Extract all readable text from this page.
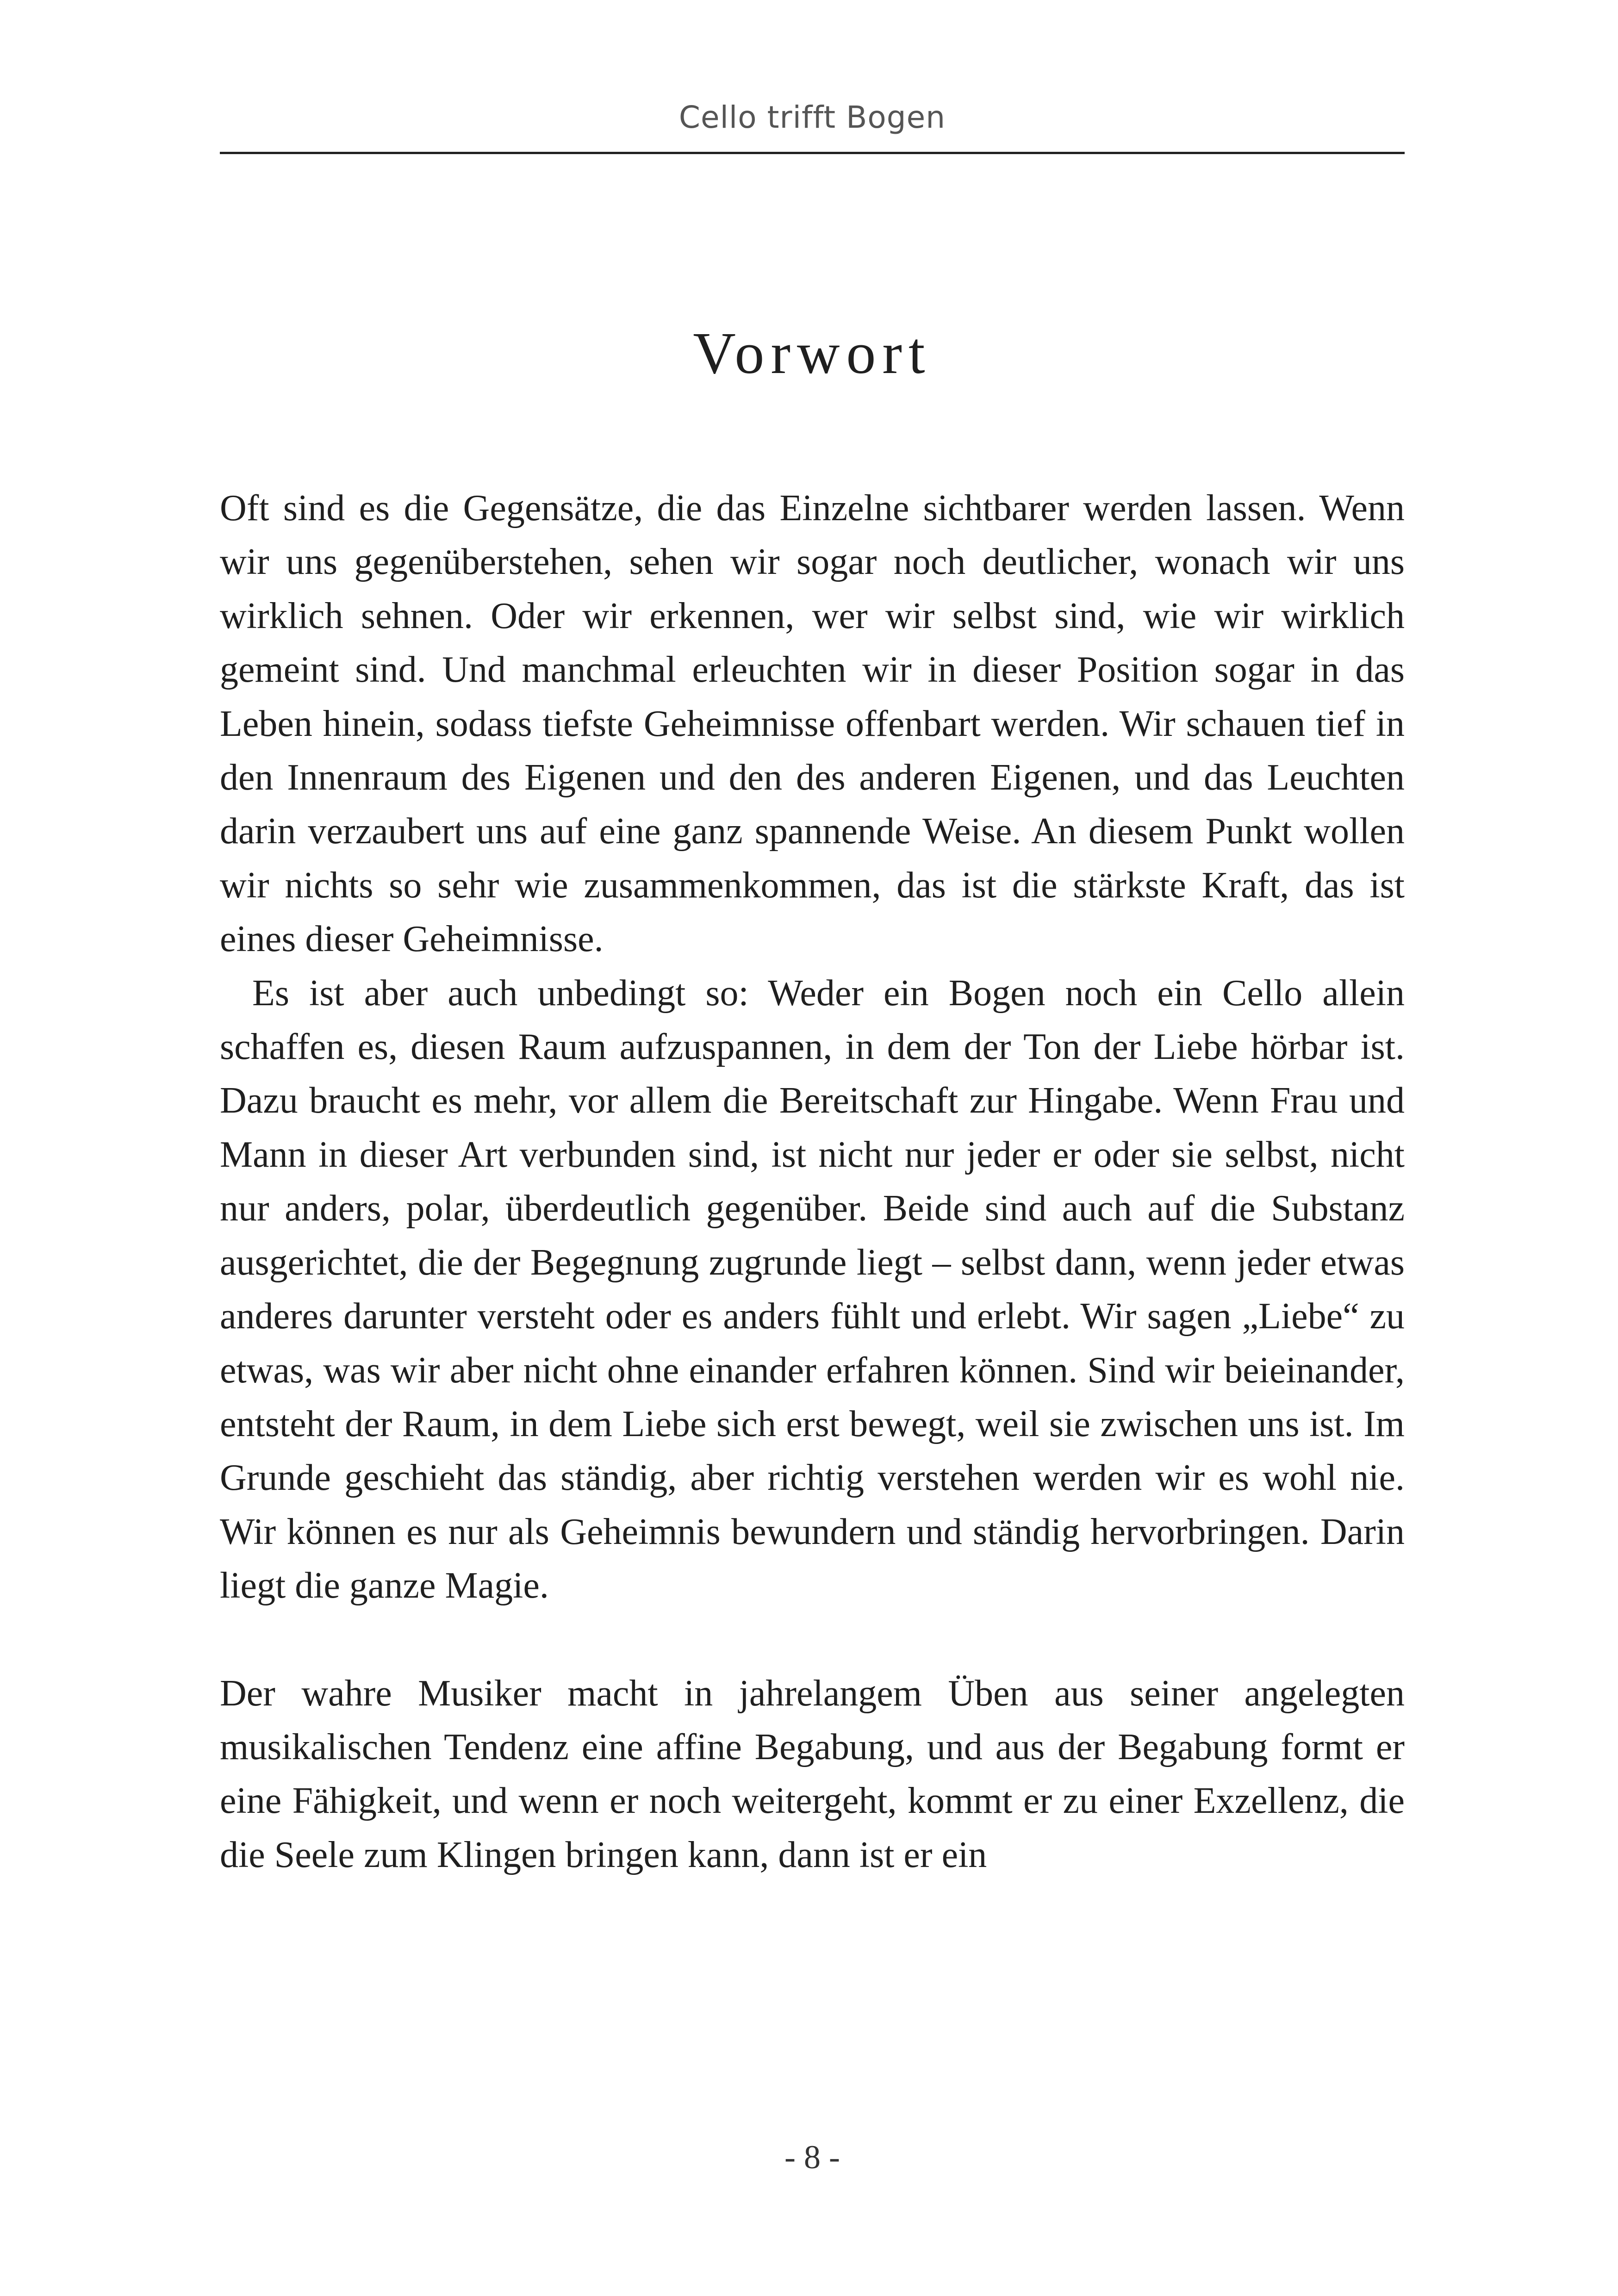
Cello trifft Bogen
Vorwort

Oft sind es die Gegensätze, die das Einzelne sichtbarer werden lassen. Wenn wir uns gegenüberstehen, sehen wir sogar noch deutlicher, wonach wir uns wirklich sehnen. Oder wir erkennen, wer wir selbst sind, wie wir wirklich gemeint sind. Und manchmal erleuchten wir in dieser Position sogar in das Leben hinein, sodass tiefste Geheimnisse offenbart werden. Wir schauen tief in den Innenraum des Eigenen und den des anderen Eigenen, und das Leuchten darin verzaubert uns auf eine ganz spannende Weise. An diesem Punkt wollen wir nichts so sehr wie zusammenkommen, das ist die stärkste Kraft, das ist eines dieser Geheimnisse.

Es ist aber auch unbedingt so: Weder ein Bogen noch ein Cello allein schaffen es, diesen Raum aufzuspannen, in dem der Ton der Liebe hörbar ist. Dazu braucht es mehr, vor allem die Bereitschaft zur Hingabe. Wenn Frau und Mann in dieser Art verbunden sind, ist nicht nur jeder er oder sie selbst, nicht nur anders, polar, überdeutlich gegenüber. Beide sind auch auf die Substanz ausgerichtet, die der Begegnung zugrunde liegt – selbst dann, wenn jeder etwas anderes darunter versteht oder es anders fühlt und erlebt. Wir sagen „Liebe“ zu etwas, was wir aber nicht ohne einander erfahren können. Sind wir beieinander, entsteht der Raum, in dem Liebe sich erst bewegt, weil sie zwischen uns ist. Im Grunde geschieht das ständig, aber richtig verstehen werden wir es wohl nie. Wir können es nur als Geheimnis bewundern und ständig hervorbringen. Darin liegt die ganze Magie.

Der wahre Musiker macht in jahrelangem Üben aus seiner angelegten musikalischen Tendenz eine affine Begabung, und aus der Begabung formt er eine Fähigkeit, und wenn er noch weitergeht, kommt er zu einer Exzellenz, die die Seele zum Klingen bringen kann, dann ist er ein

- 8 -
